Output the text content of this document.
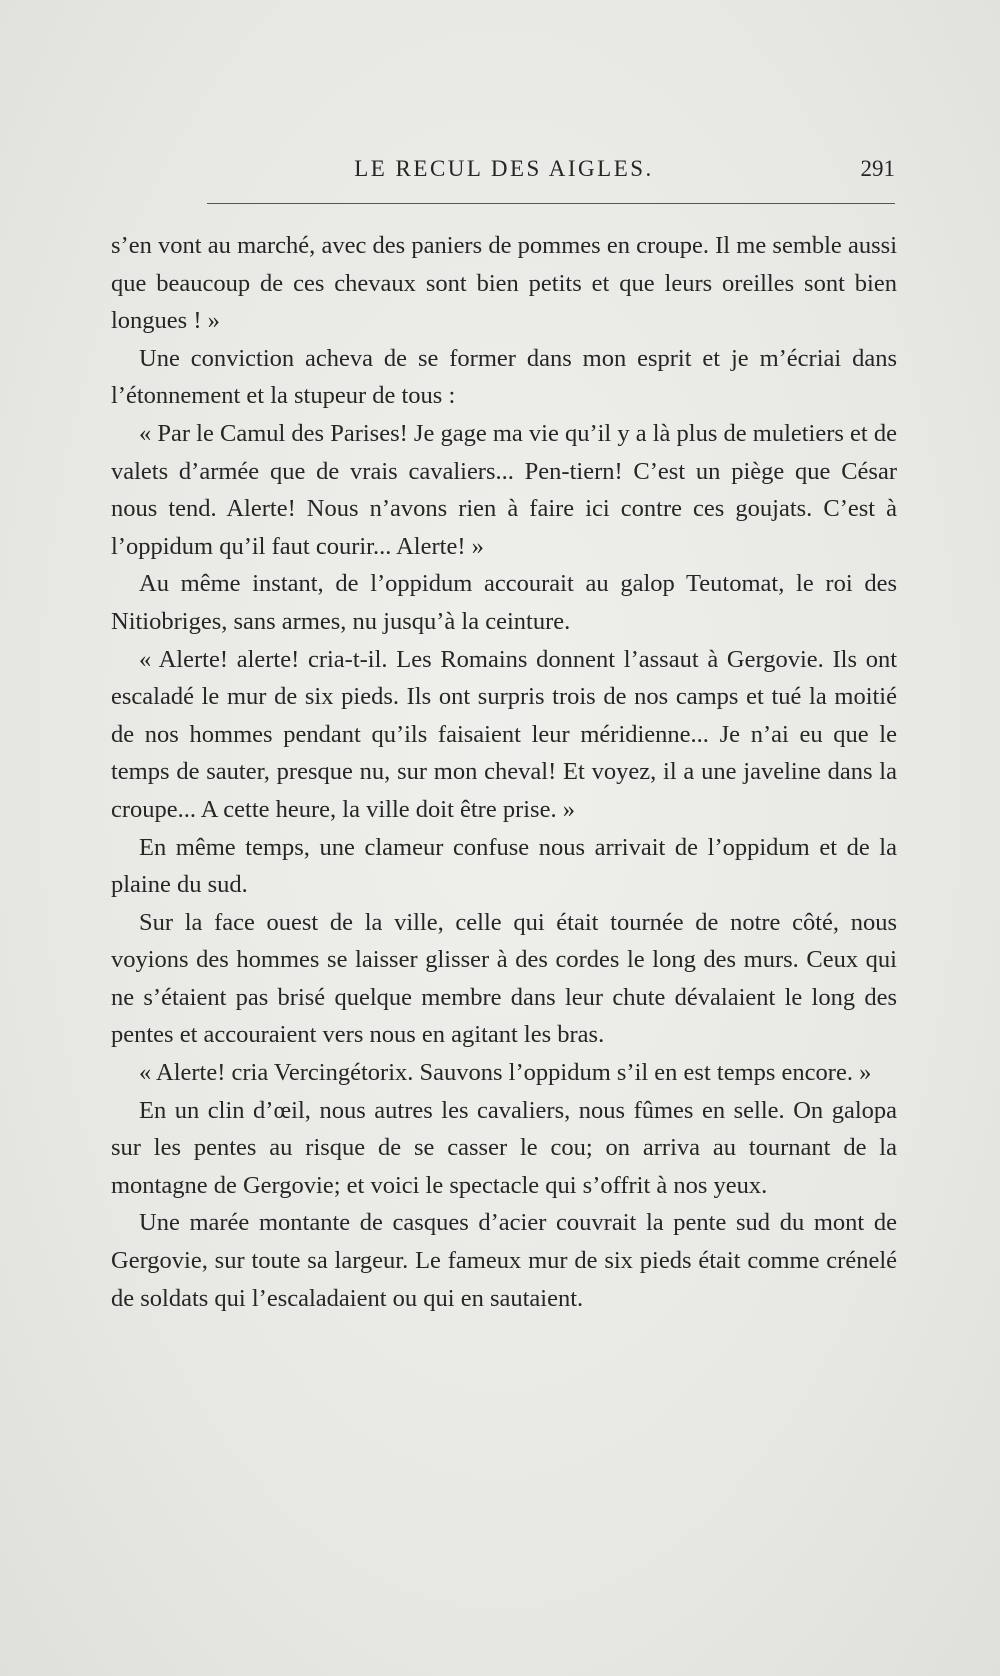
LE RECUL DES AIGLES.	291

s’en vont au marché, avec des paniers de pommes en croupe. Il me semble aussi que beaucoup de ces chevaux sont bien petits et que leurs oreilles sont bien longues ! »

Une conviction acheva de se former dans mon esprit et je m’écriai dans l’étonnement et la stupeur de tous :

« Par le Camul des Parises! Je gage ma vie qu’il y a là plus de muletiers et de valets d’armée que de vrais cavaliers... Pen-tiern! C’est un piège que César nous tend. Alerte! Nous n’avons rien à faire ici contre ces goujats. C’est à l’oppidum qu’il faut courir... Alerte! »

Au même instant, de l’oppidum accourait au galop Teutomat, le roi des Nitiobriges, sans armes, nu jusqu’à la ceinture.

« Alerte! alerte! cria-t-il. Les Romains donnent l’assaut à Gergovie. Ils ont escaladé le mur de six pieds. Ils ont surpris trois de nos camps et tué la moitié de nos hommes pendant qu’ils faisaient leur méridienne... Je n’ai eu que le temps de sauter, presque nu, sur mon cheval! Et voyez, il a une javeline dans la croupe... A cette heure, la ville doit être prise. »

En même temps, une clameur confuse nous arrivait de l’oppidum et de la plaine du sud.

Sur la face ouest de la ville, celle qui était tournée de notre côté, nous voyions des hommes se laisser glisser à des cordes le long des murs. Ceux qui ne s’étaient pas brisé quelque membre dans leur chute dévalaient le long des pentes et accouraient vers nous en agitant les bras.

« Alerte! cria Vercingétorix. Sauvons l’oppidum s’il en est temps encore. »

En un clin d’œil, nous autres les cavaliers, nous fûmes en selle. On galopa sur les pentes au risque de se casser le cou; on arriva au tournant de la montagne de Gergovie; et voici le spectacle qui s’offrit à nos yeux.

Une marée montante de casques d’acier couvrait la pente sud du mont de Gergovie, sur toute sa largeur. Le fameux mur de six pieds était comme crénelé de soldats qui l’escaladaient ou qui en sautaient.
